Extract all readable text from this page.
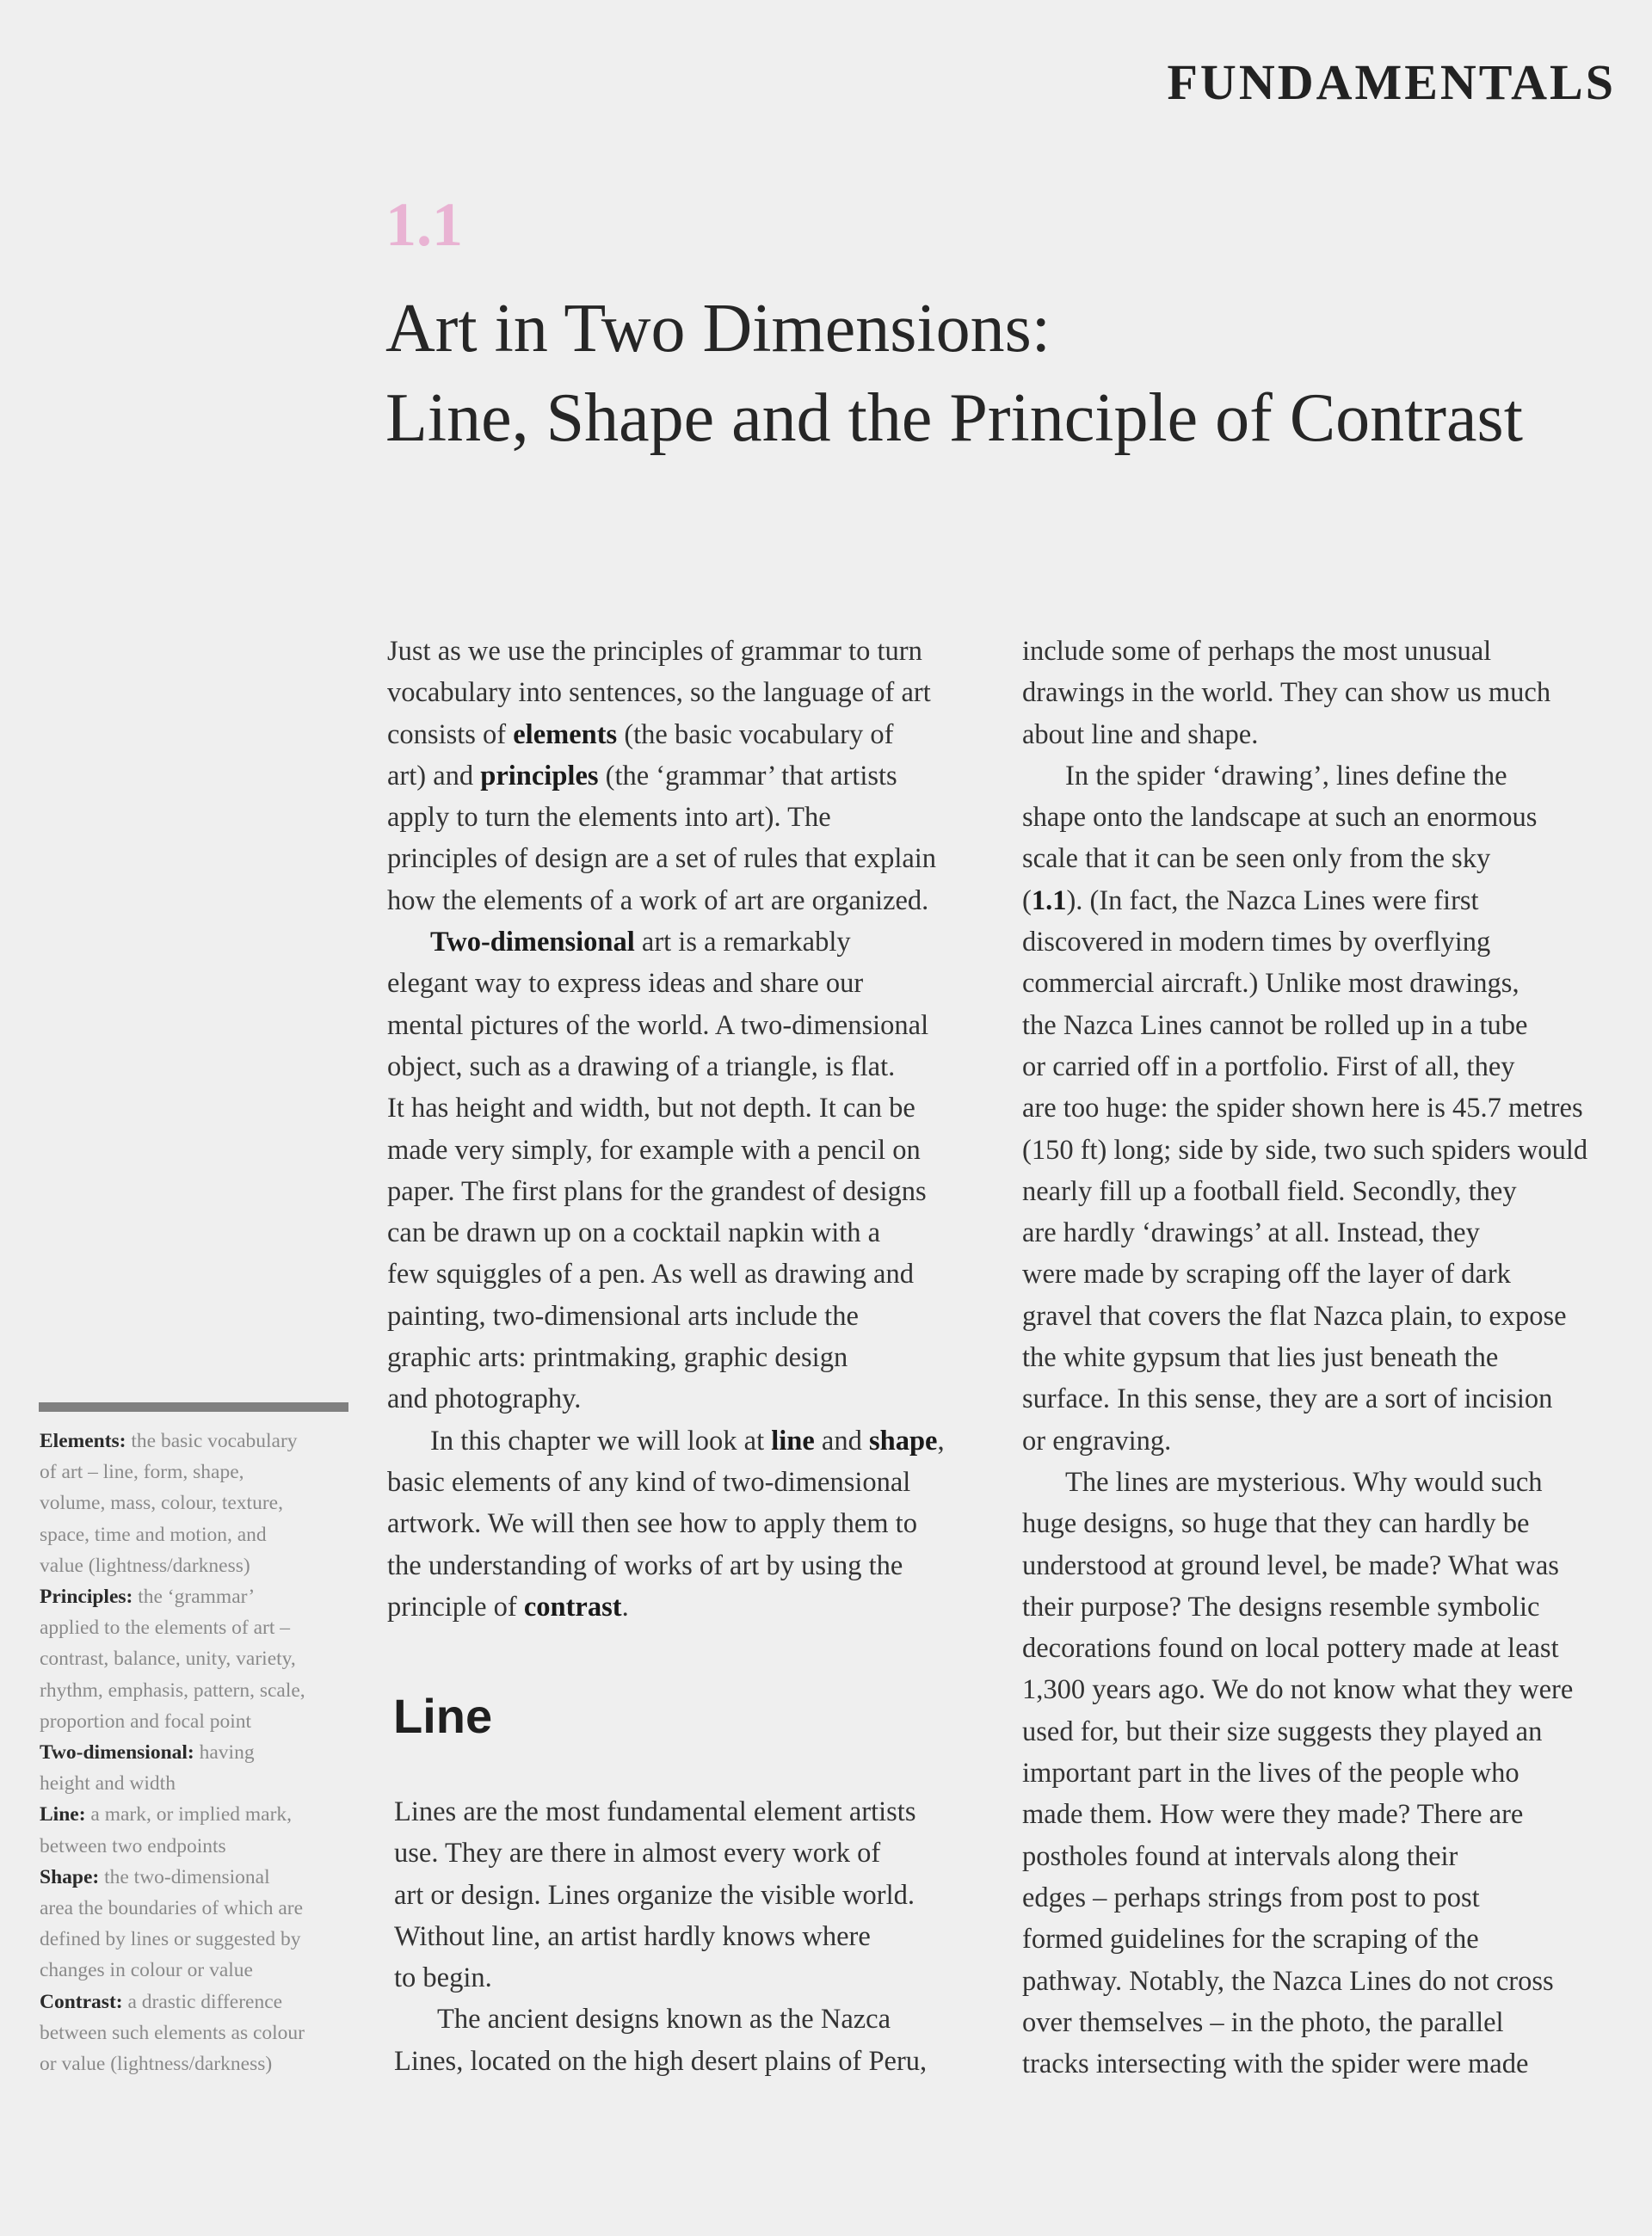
FUNDAMENTALS
1.1
Art in Two Dimensions:
Line, Shape and the Principle of Contrast
Just as we use the principles of grammar to turn
vocabulary into sentences, so the language of art
consists of elements (the basic vocabulary of
art) and principles (the ‘grammar’ that artists
apply to turn the elements into art). The
principles of design are a set of rules that explain
how the elements of a work of art are organized.
Two-dimensional art is a remarkably
elegant way to express ideas and share our
mental pictures of the world. A two-dimensional
object, such as a drawing of a triangle, is flat.
It has height and width, but not depth. It can be
made very simply, for example with a pencil on
paper. The first plans for the grandest of designs
can be drawn up on a cocktail napkin with a
few squiggles of a pen. As well as drawing and
painting, two-dimensional arts include the
graphic arts: printmaking, graphic design
and photography.
In this chapter we will look at line and shape,
basic elements of any kind of two-dimensional
artwork. We will then see how to apply them to
the understanding of works of art by using the
principle of contrast.
Line
Lines are the most fundamental element artists
use. They are there in almost every work of
art or design. Lines organize the visible world.
Without line, an artist hardly knows where
to begin.
The ancient designs known as the Nazca
Lines, located on the high desert plains of Peru,
include some of perhaps the most unusual
drawings in the world. They can show us much
about line and shape.
In the spider ‘drawing’, lines define the
shape onto the landscape at such an enormous
scale that it can be seen only from the sky
(1.1). (In fact, the Nazca Lines were first
discovered in modern times by overflying
commercial aircraft.) Unlike most drawings,
the Nazca Lines cannot be rolled up in a tube
or carried off in a portfolio. First of all, they
are too huge: the spider shown here is 45.7 metres
(150 ft) long; side by side, two such spiders would
nearly fill up a football field. Secondly, they
are hardly ‘drawings’ at all. Instead, they
were made by scraping off the layer of dark
gravel that covers the flat Nazca plain, to expose
the white gypsum that lies just beneath the
surface. In this sense, they are a sort of incision
or engraving.
The lines are mysterious. Why would such
huge designs, so huge that they can hardly be
understood at ground level, be made? What was
their purpose? The designs resemble symbolic
decorations found on local pottery made at least
1,300 years ago. We do not know what they were
used for, but their size suggests they played an
important part in the lives of the people who
made them. How were they made? There are
postholes found at intervals along their
edges – perhaps strings from post to post
formed guidelines for the scraping of the
pathway. Notably, the Nazca Lines do not cross
over themselves – in the photo, the parallel
tracks intersecting with the spider were made
Elements: the basic vocabulary
of art – line, form, shape,
volume, mass, colour, texture,
space, time and motion, and
value (lightness/darkness)
Principles: the ‘grammar’
applied to the elements of art –
contrast, balance, unity, variety,
rhythm, emphasis, pattern, scale,
proportion and focal point
Two-dimensional: having
height and width
Line: a mark, or implied mark,
between two endpoints
Shape: the two-dimensional
area the boundaries of which are
defined by lines or suggested by
changes in colour or value
Contrast: a drastic difference
between such elements as colour
or value (lightness/darkness)
